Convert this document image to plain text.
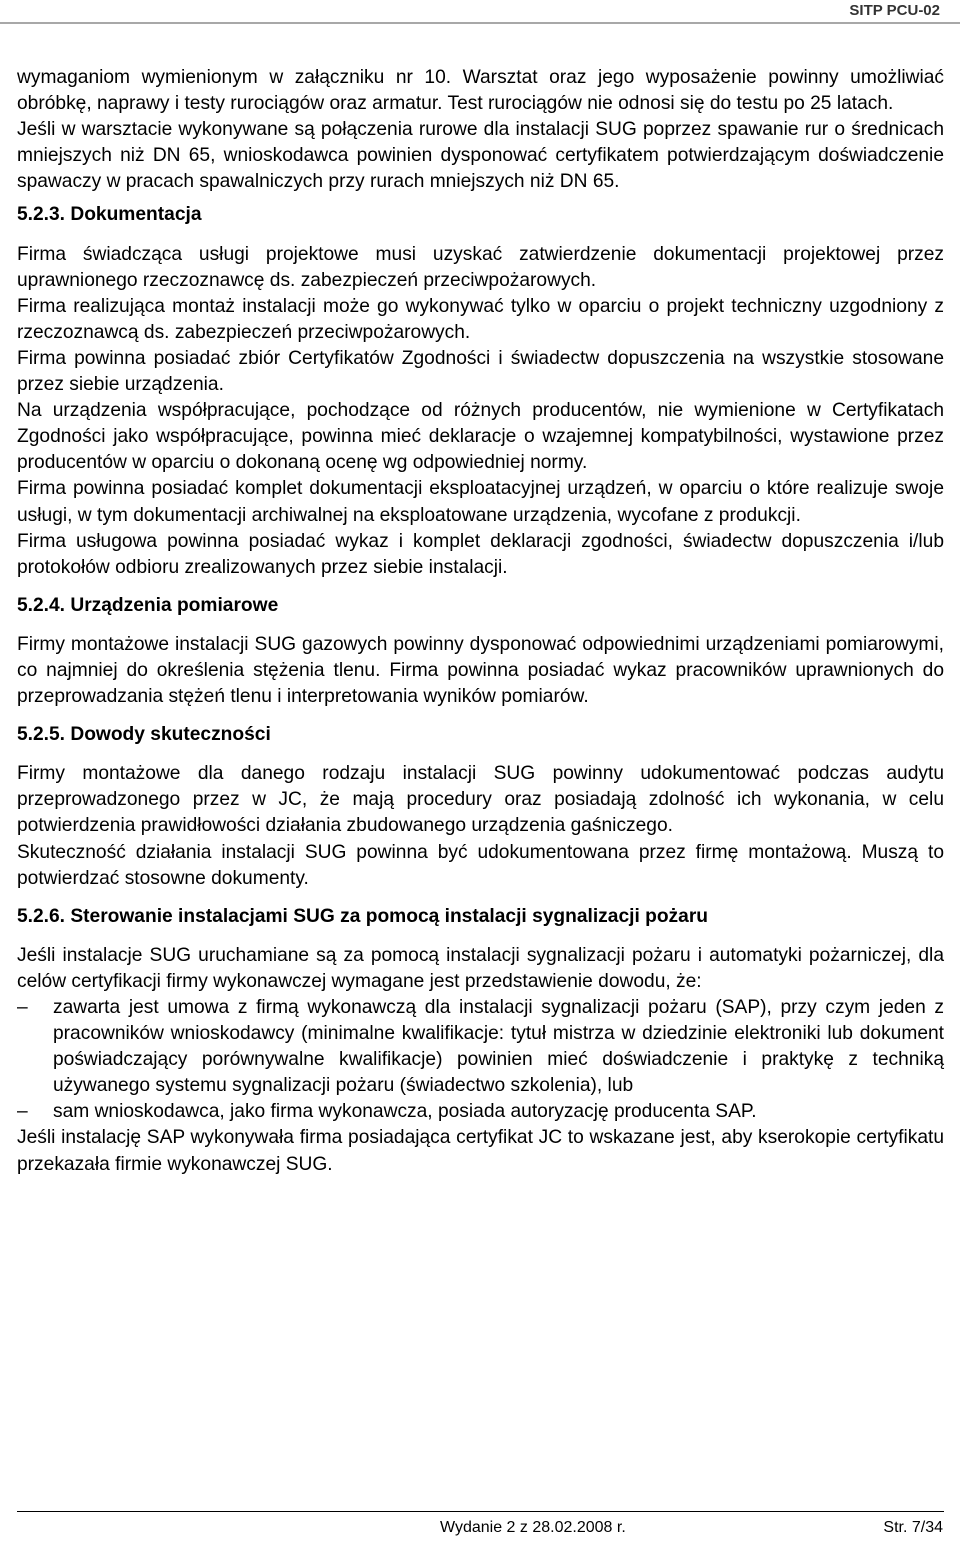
SITP PCU-02

wymaganiom wymienionym w załączniku nr 10. Warsztat oraz jego wyposażenie powinny umożliwiać obróbkę, naprawy i testy rurociągów oraz armatur. Test rurociągów nie odnosi się do testu po 25 latach.

Jeśli w warsztacie wykonywane są połączenia rurowe dla instalacji SUG poprzez spawanie rur o średnicach mniejszych niż DN 65, wnioskodawca powinien dysponować certyfikatem potwierdzającym doświadczenie spawaczy w pracach spawalniczych przy rurach mniejszych niż DN 65.

5.2.3. Dokumentacja

Firma świadcząca usługi projektowe musi uzyskać zatwierdzenie dokumentacji projektowej przez uprawnionego rzeczoznawcę ds. zabezpieczeń przeciwpożarowych.

Firma realizująca montaż instalacji może go wykonywać tylko w oparciu o projekt techniczny uzgodniony z rzeczoznawcą ds. zabezpieczeń przeciwpożarowych.

Firma powinna posiadać zbiór Certyfikatów Zgodności i świadectw dopuszczenia na wszystkie stosowane przez siebie urządzenia.

Na urządzenia współpracujące, pochodzące od różnych producentów, nie wymienione w Certyfikatach Zgodności jako współpracujące, powinna mieć deklaracje o wzajemnej kompatybilności, wystawione przez producentów w oparciu o dokonaną ocenę wg odpowiedniej normy.

Firma powinna posiadać komplet dokumentacji eksploatacyjnej urządzeń, w oparciu o które realizuje swoje usługi, w tym dokumentacji archiwalnej na eksploatowane urządzenia, wycofane z produkcji.

Firma usługowa powinna posiadać wykaz i komplet deklaracji zgodności, świadectw dopuszczenia i/lub protokołów odbioru zrealizowanych przez siebie instalacji.

5.2.4. Urządzenia pomiarowe

Firmy montażowe instalacji SUG gazowych powinny dysponować odpowiednimi urządzeniami pomiarowymi, co najmniej do określenia stężenia tlenu. Firma powinna posiadać wykaz pracowników uprawnionych do przeprowadzania stężeń tlenu i interpretowania wyników pomiarów.

5.2.5. Dowody skuteczności

Firmy montażowe dla danego rodzaju instalacji SUG powinny udokumentować podczas audytu przeprowadzonego przez w JC, że mają procedury oraz posiadają zdolność ich wykonania, w celu potwierdzenia prawidłowości działania zbudowanego urządzenia gaśniczego.

Skuteczność działania instalacji SUG powinna być udokumentowana przez firmę montażową. Muszą to potwierdzać stosowne dokumenty.

5.2.6. Sterowanie instalacjami SUG za pomocą instalacji sygnalizacji pożaru

Jeśli instalacje SUG uruchamiane są za pomocą instalacji sygnalizacji pożaru i automatyki pożarniczej, dla celów certyfikacji firmy wykonawczej wymagane jest przedstawienie dowodu, że:

–	zawarta jest umowa z firmą wykonawczą dla instalacji sygnalizacji pożaru (SAP), przy czym jeden z pracowników wnioskodawcy (minimalne kwalifikacje: tytuł mistrza w dziedzinie elektroniki lub dokument poświadczający porównywalne kwalifikacje) powinien mieć doświadczenie i praktykę z techniką używanego systemu sygnalizacji pożaru (świadectwo szkolenia), lub
–	sam wnioskodawca, jako firma wykonawcza, posiada autoryzację producenta SAP.

Jeśli instalację SAP wykonywała firma posiadająca certyfikat JC to wskazane jest, aby kserokopie certyfikatu przekazała firmie wykonawczej SUG.

Wydanie 2 z 28.02.2008 r.	Str. 7/34
